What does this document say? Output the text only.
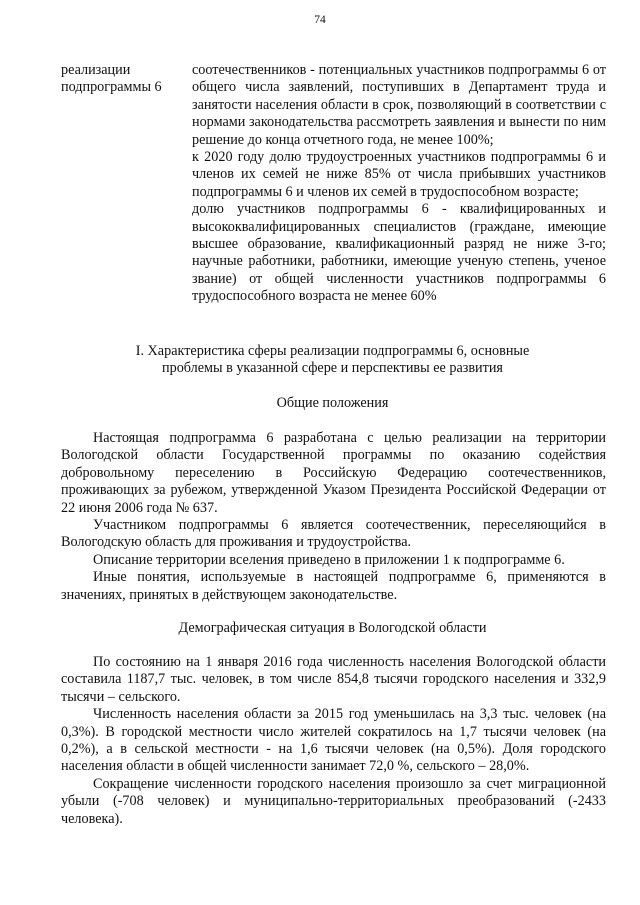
74

реализации подпрограммы 6

соотечественников - потенциальных участников подпрограммы 6 от общего числа заявлений, поступивших в Департамент труда и занятости населения области в срок, позволяющий в соответствии с нормами законодательства рассмотреть заявления и вынести по ним решение до конца отчетного года, не менее 100%;

к 2020 году долю трудоустроенных участников подпрограммы 6 и членов их семей не ниже 85% от числа прибывших участников подпрограммы 6 и членов их семей в трудоспособном возрасте;

долю участников подпрограммы 6 - квалифицированных и высококвалифицированных специалистов (граждане, имеющие высшее образование, квалификационный разряд не ниже 3-го; научные работники, работники, имеющие ученую степень, ученое звание) от общей численности участников подпрограммы 6 трудоспособного возраста не менее 60%

I. Характеристика сферы реализации подпрограммы 6, основные
проблемы в указанной сфере и перспективы ее развития
Общие положения

Настоящая подпрограмма 6 разработана с целью реализации на территории Вологодской области Государственной программы по оказанию содействия добровольному переселению в Российскую Федерацию соотечественников, проживающих за рубежом, утвержденной Указом Президента Российской Федерации от 22 июня 2006 года № 637.

Участником подпрограммы 6 является соотечественник, переселяющийся в Вологодскую область для проживания и трудоустройства.

Описание территории вселения приведено в приложении 1 к подпрограмме 6.

Иные понятия, используемые в настоящей подпрограмме 6, применяются в значениях, принятых в действующем законодательстве.

Демографическая ситуация в Вологодской области

По состоянию на 1 января 2016 года численность населения Вологодской области составила 1187,7 тыс. человек, в том числе 854,8 тысячи городского населения и 332,9 тысячи – сельского.

Численность населения области за 2015 год уменьшилась на 3,3 тыс. человек (на 0,3%). В городской местности число жителей сократилось на 1,7 тысячи человек (на 0,2%), а в сельской местности - на 1,6 тысячи человек (на 0,5%). Доля городского населения области в общей численности занимает 72,0 %, сельского – 28,0%.

Сокращение численности городского населения произошло за счет миграционной убыли (-708 человек) и муниципально-территориальных преобразований (-2433 человека).
